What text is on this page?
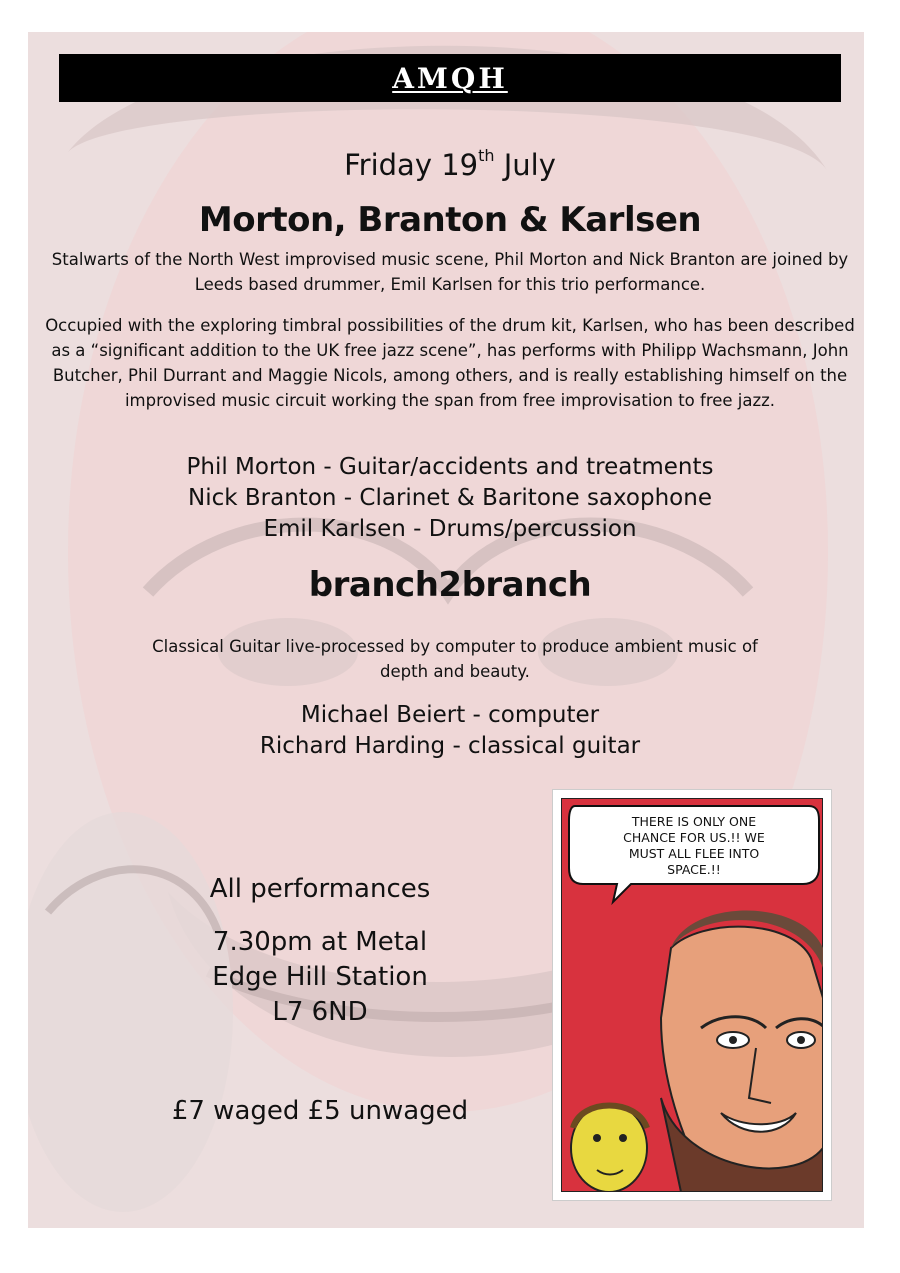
AMQH
Friday 19th July
Morton, Branton & Karlsen
Stalwarts of the North West improvised music scene, Phil Morton and Nick Branton are joined by Leeds based drummer, Emil Karlsen for this trio performance.
Occupied with the exploring timbral possibilities of the drum kit, Karlsen, who has been described as a “significant addition to the UK free jazz scene”, has performs with Philipp Wachsmann, John Butcher, Phil Durrant and Maggie Nicols, among others, and is really establishing himself on the improvised music circuit working the span from free improvisation to free jazz.
Phil Morton - Guitar/accidents and treatments
Nick Branton - Clarinet & Baritone saxophone
Emil Karlsen - Drums/percussion
branch2branch
Classical Guitar live-processed by computer to produce ambient music of depth and beauty.
Michael Beiert - computer
Richard Harding - classical guitar
All performances
7.30pm at Metal
Edge Hill Station
L7 6ND
£7 waged £5 unwaged
THERE IS ONLY ONE
CHANCE FOR US.!! WE
MUST ALL FLEE INTO
SPACE.!!
